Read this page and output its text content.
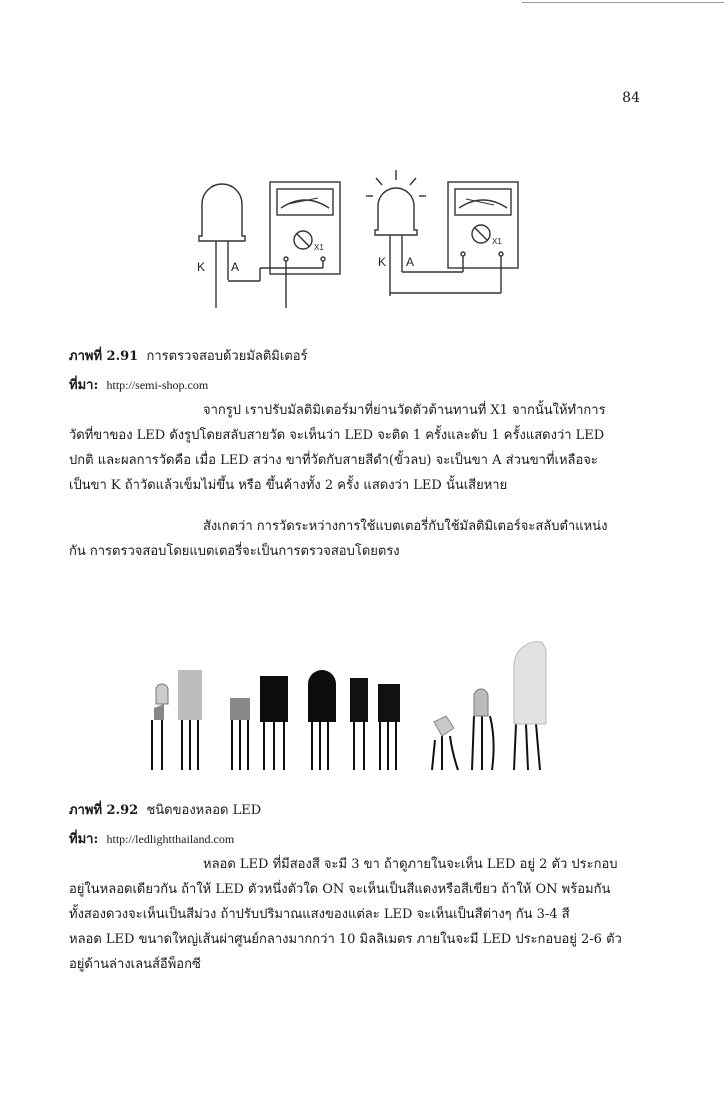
84
K A
X1
K A
X1
ภาพที่ 2.91 การตรวจสอบด้วยมัลติมิเตอร์
ที่มา: http://semi-shop.com
จากรูป เราปรับมัลติมิเตอร์มาที่ย่านวัดตัวต้านทานที่ X1 จากนั้นให้ทำการ
วัดที่ขาของ LED ดังรูปโดยสลับสายวัด จะเห็นว่า LED จะติด 1 ครั้งและดับ 1 ครั้งแสดงว่า LED
ปกติ และผลการวัดคือ เมื่อ LED สว่าง ขาที่วัดกับสายสีดำ(ขั้วลบ) จะเป็นขา A ส่วนขาที่เหลือจะ
เป็นขา K ถ้าวัดแล้วเข็มไม่ขึ้น หรือ ขึ้นค้างทั้ง 2 ครั้ง แสดงว่า LED นั้นเสียหาย
สังเกตว่า การวัดระหว่างการใช้แบตเตอรี่กับใช้มัลติมิเตอร์จะสลับตำแหน่ง
กัน การตรวจสอบโดยแบตเตอรี่จะเป็นการตรวจสอบโดยตรง
ภาพที่ 2.92 ชนิดของหลอด LED
ที่มา: http://ledlightthailand.com
หลอด LED ที่มีสองสี จะมี 3 ขา ถ้าดูภายในจะเห็น LED อยู่ 2 ตัว ประกอบ
อยู่ในหลอดเดียวกัน ถ้าให้ LED ตัวหนึ่งตัวใด ON จะเห็นเป็นสีแดงหรือสีเขียว ถ้าให้ ON พร้อมกัน
ทั้งสองดวงจะเห็นเป็นสีม่วง ถ้าปรับปริมาณแสงของแต่ละ LED จะเห็นเป็นสีต่างๆ กัน 3-4 สี
หลอด LED ขนาดใหญ่เส้นผ่าศูนย์กลางมากกว่า 10 มิลลิเมตร ภายในจะมี LED ประกอบอยู่ 2-6 ตัว
อยู่ด้านล่างเลนส์อีพ็อกซี
